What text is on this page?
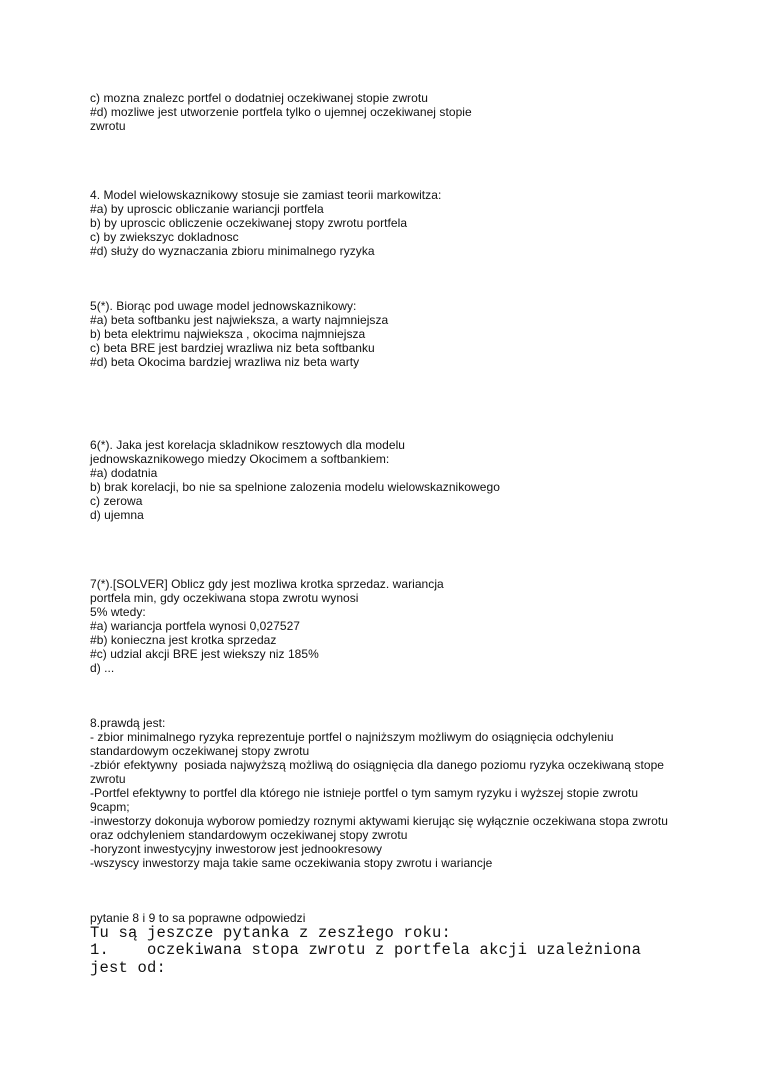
c) mozna znalezc portfel o dodatniej oczekiwanej stopie zwrotu
#d) mozliwe jest utworzenie portfela tylko o ujemnej oczekiwanej stopie
zwrotu
4. Model wielowskaznikowy stosuje sie zamiast teorii markowitza:
#a) by uproscic obliczanie wariancji portfela
b) by uproscic obliczenie oczekiwanej stopy zwrotu portfela
c) by zwiekszyc dokladnosc
#d) służy do wyznaczania zbioru minimalnego ryzyka
5(*). Biorąc pod uwage model jednowskaznikowy:
#a) beta softbanku jest najwieksza, a warty najmniejsza
b) beta elektrimu najwieksza , okocima najmniejsza
c) beta BRE jest bardziej wrazliwa niz beta softbanku
#d) beta Okocima bardziej wrazliwa niz beta warty
6(*). Jaka jest korelacja skladnikow resztowych dla modelu
jednowskaznikowego miedzy Okocimem a softbankiem:
#a) dodatnia
b) brak korelacji, bo nie sa spelnione zalozenia modelu wielowskaznikowego
c) zerowa
d) ujemna
7(*).[SOLVER] Oblicz gdy jest mozliwa krotka sprzedaz. wariancja
portfela min, gdy oczekiwana stopa zwrotu wynosi
5% wtedy:
#a) wariancja portfela wynosi 0,027527
#b) konieczna jest krotka sprzedaz
#c) udzial akcji BRE jest wiekszy niz 185%
d) ...
8.prawdą jest:
- zbior minimalnego ryzyka reprezentuje portfel o najniższym możliwym do osiągnięcia odchyleniu
standardowym oczekiwanej stopy zwrotu
-zbiór efektywny  posiada najwyższą możliwą do osiągnięcia dla danego poziomu ryzyka oczekiwaną stope
zwrotu
-Portfel efektywny to portfel dla którego nie istnieje portfel o tym samym ryzyku i wyższej stopie zwrotu
9capm;
-inwestorzy dokonuja wyborow pomiedzy roznymi aktywami kierując się wyłącznie oczekiwana stopa zwrotu
oraz odchyleniem standardowym oczekiwanej stopy zwrotu
-horyzont inwestycyjny inwestorow jest jednookresowy
-wszyscy inwestorzy maja takie same oczekiwania stopy zwrotu i wariancje
pytanie 8 i 9 to sa poprawne odpowiedzi
Tu są jeszcze pytanka z zeszłego roku:
1.    oczekiwana stopa zwrotu z portfela akcji uzależniona
jest od:
